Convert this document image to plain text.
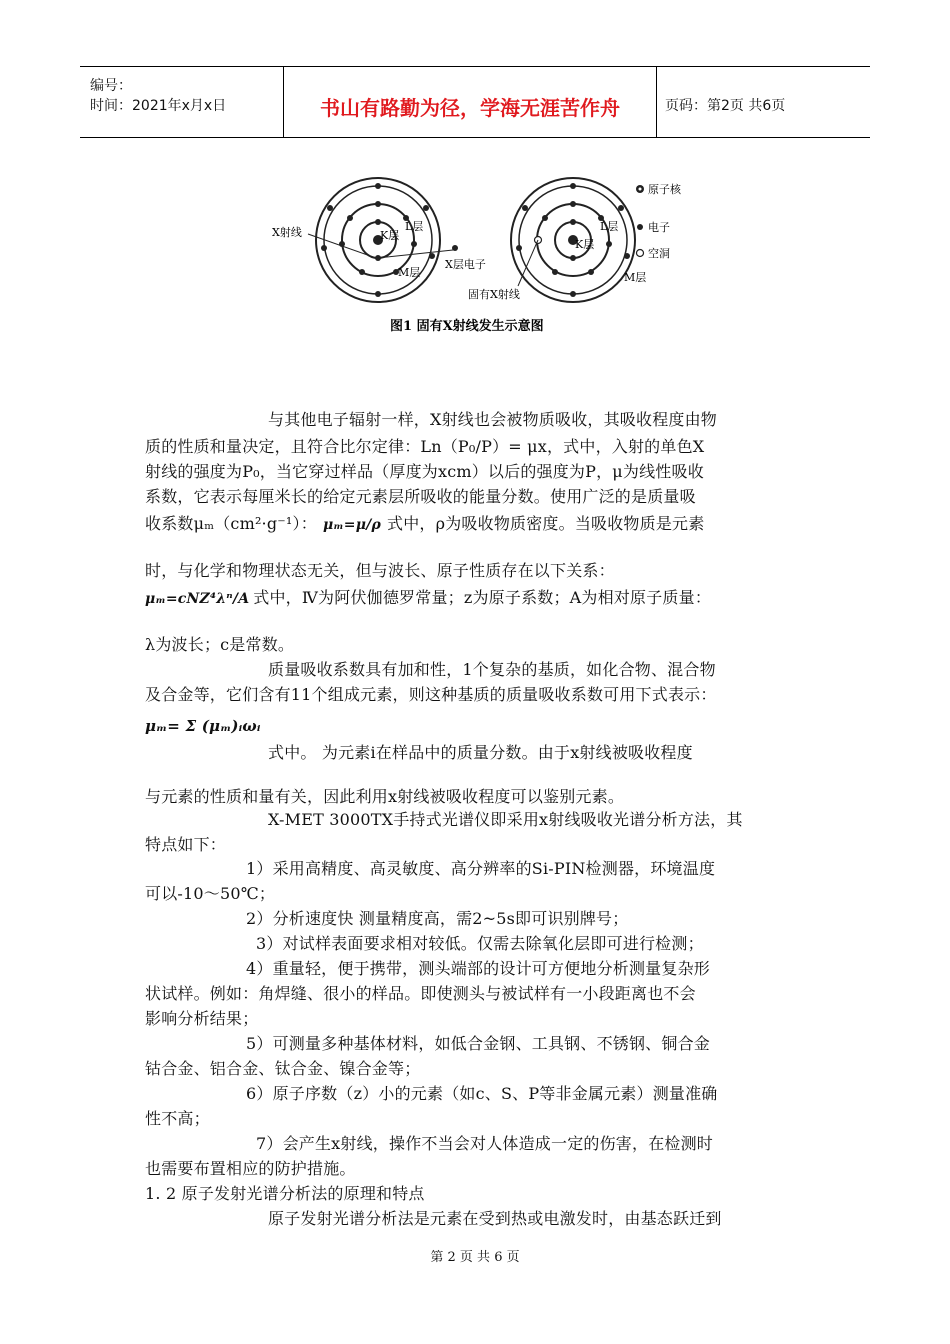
编号：
时间：2021年x月x日	书山有路勤为径，学海无涯苦作舟	页码：第2页 共6页
X射线	K层
L层
M层
X层电子
K层
L层
M层
固有X射线
原子核
电子
空洞
图1 固有X射线发生示意图
与其他电子辐射一样，X射线也会被物质吸收，其吸收程度由物
质的性质和量决定，且符合比尔定律：Ln（P₀/P）= μx，式中，入射的单色X
射线的强度为P₀，当它穿过样品（厚度为xcm）以后的强度为P，μ为线性吸收
系数，它表示每厘米长的给定元素层所吸收的能量分数。使用广泛的是质量吸
收系数μₘ（cm²·g⁻¹）： μₘ=μ/ρ 式中，ρ为吸收物质密度。当吸收物质是元素
时，与化学和物理状态无关，但与波长、原子性质存在以下关系：
μₘ=cNZ⁴λⁿ/A 式中，Ⅳ为阿伏伽德罗常量；z为原子系数；A为相对原子质量：
λ为波长；c是常数。
质量吸收系数具有加和性，1个复杂的基质，如化合物、混合物
及合金等，它们含有11个组成元素，则这种基质的质量吸收系数可用下式表示：
μₘ= Σ (μₘ)ᵢωᵢ
式中。 为元素i在样品中的质量分数。由于x射线被吸收程度
与元素的性质和量有关，因此利用x射线被吸收程度可以鉴别元素。
X-MET 3000TX手持式光谱仪即采用x射线吸收光谱分析方法，其
特点如下：
1）采用高精度、高灵敏度、高分辨率的Si-PIN检测器，环境温度
可以-10～50℃；
2）分析速度快 测量精度高，需2~5s即可识别牌号；
3）对试样表面要求相对较低。仅需去除氧化层即可进行检测；
4）重量轻，便于携带，测头端部的设计可方便地分析测量复杂形
状试样。例如：角焊缝、很小的样品。即使测头与被试样有一小段距离也不会
影响分析结果；
5）可测量多种基体材料，如低合金钢、工具钢、不锈钢、铜合金
钴合金、铝合金、钛合金、镍合金等；
6）原子序数（z）小的元素（如c、S、P等非金属元素）测量准确
性不高；
7）会产生x射线，操作不当会对人体造成一定的伤害，在检测时
也需要布置相应的防护措施。
1. 2 原子发射光谱分析法的原理和特点
原子发射光谱分析法是元素在受到热或电激发时，由基态跃迁到
第 2 页 共 6 页
